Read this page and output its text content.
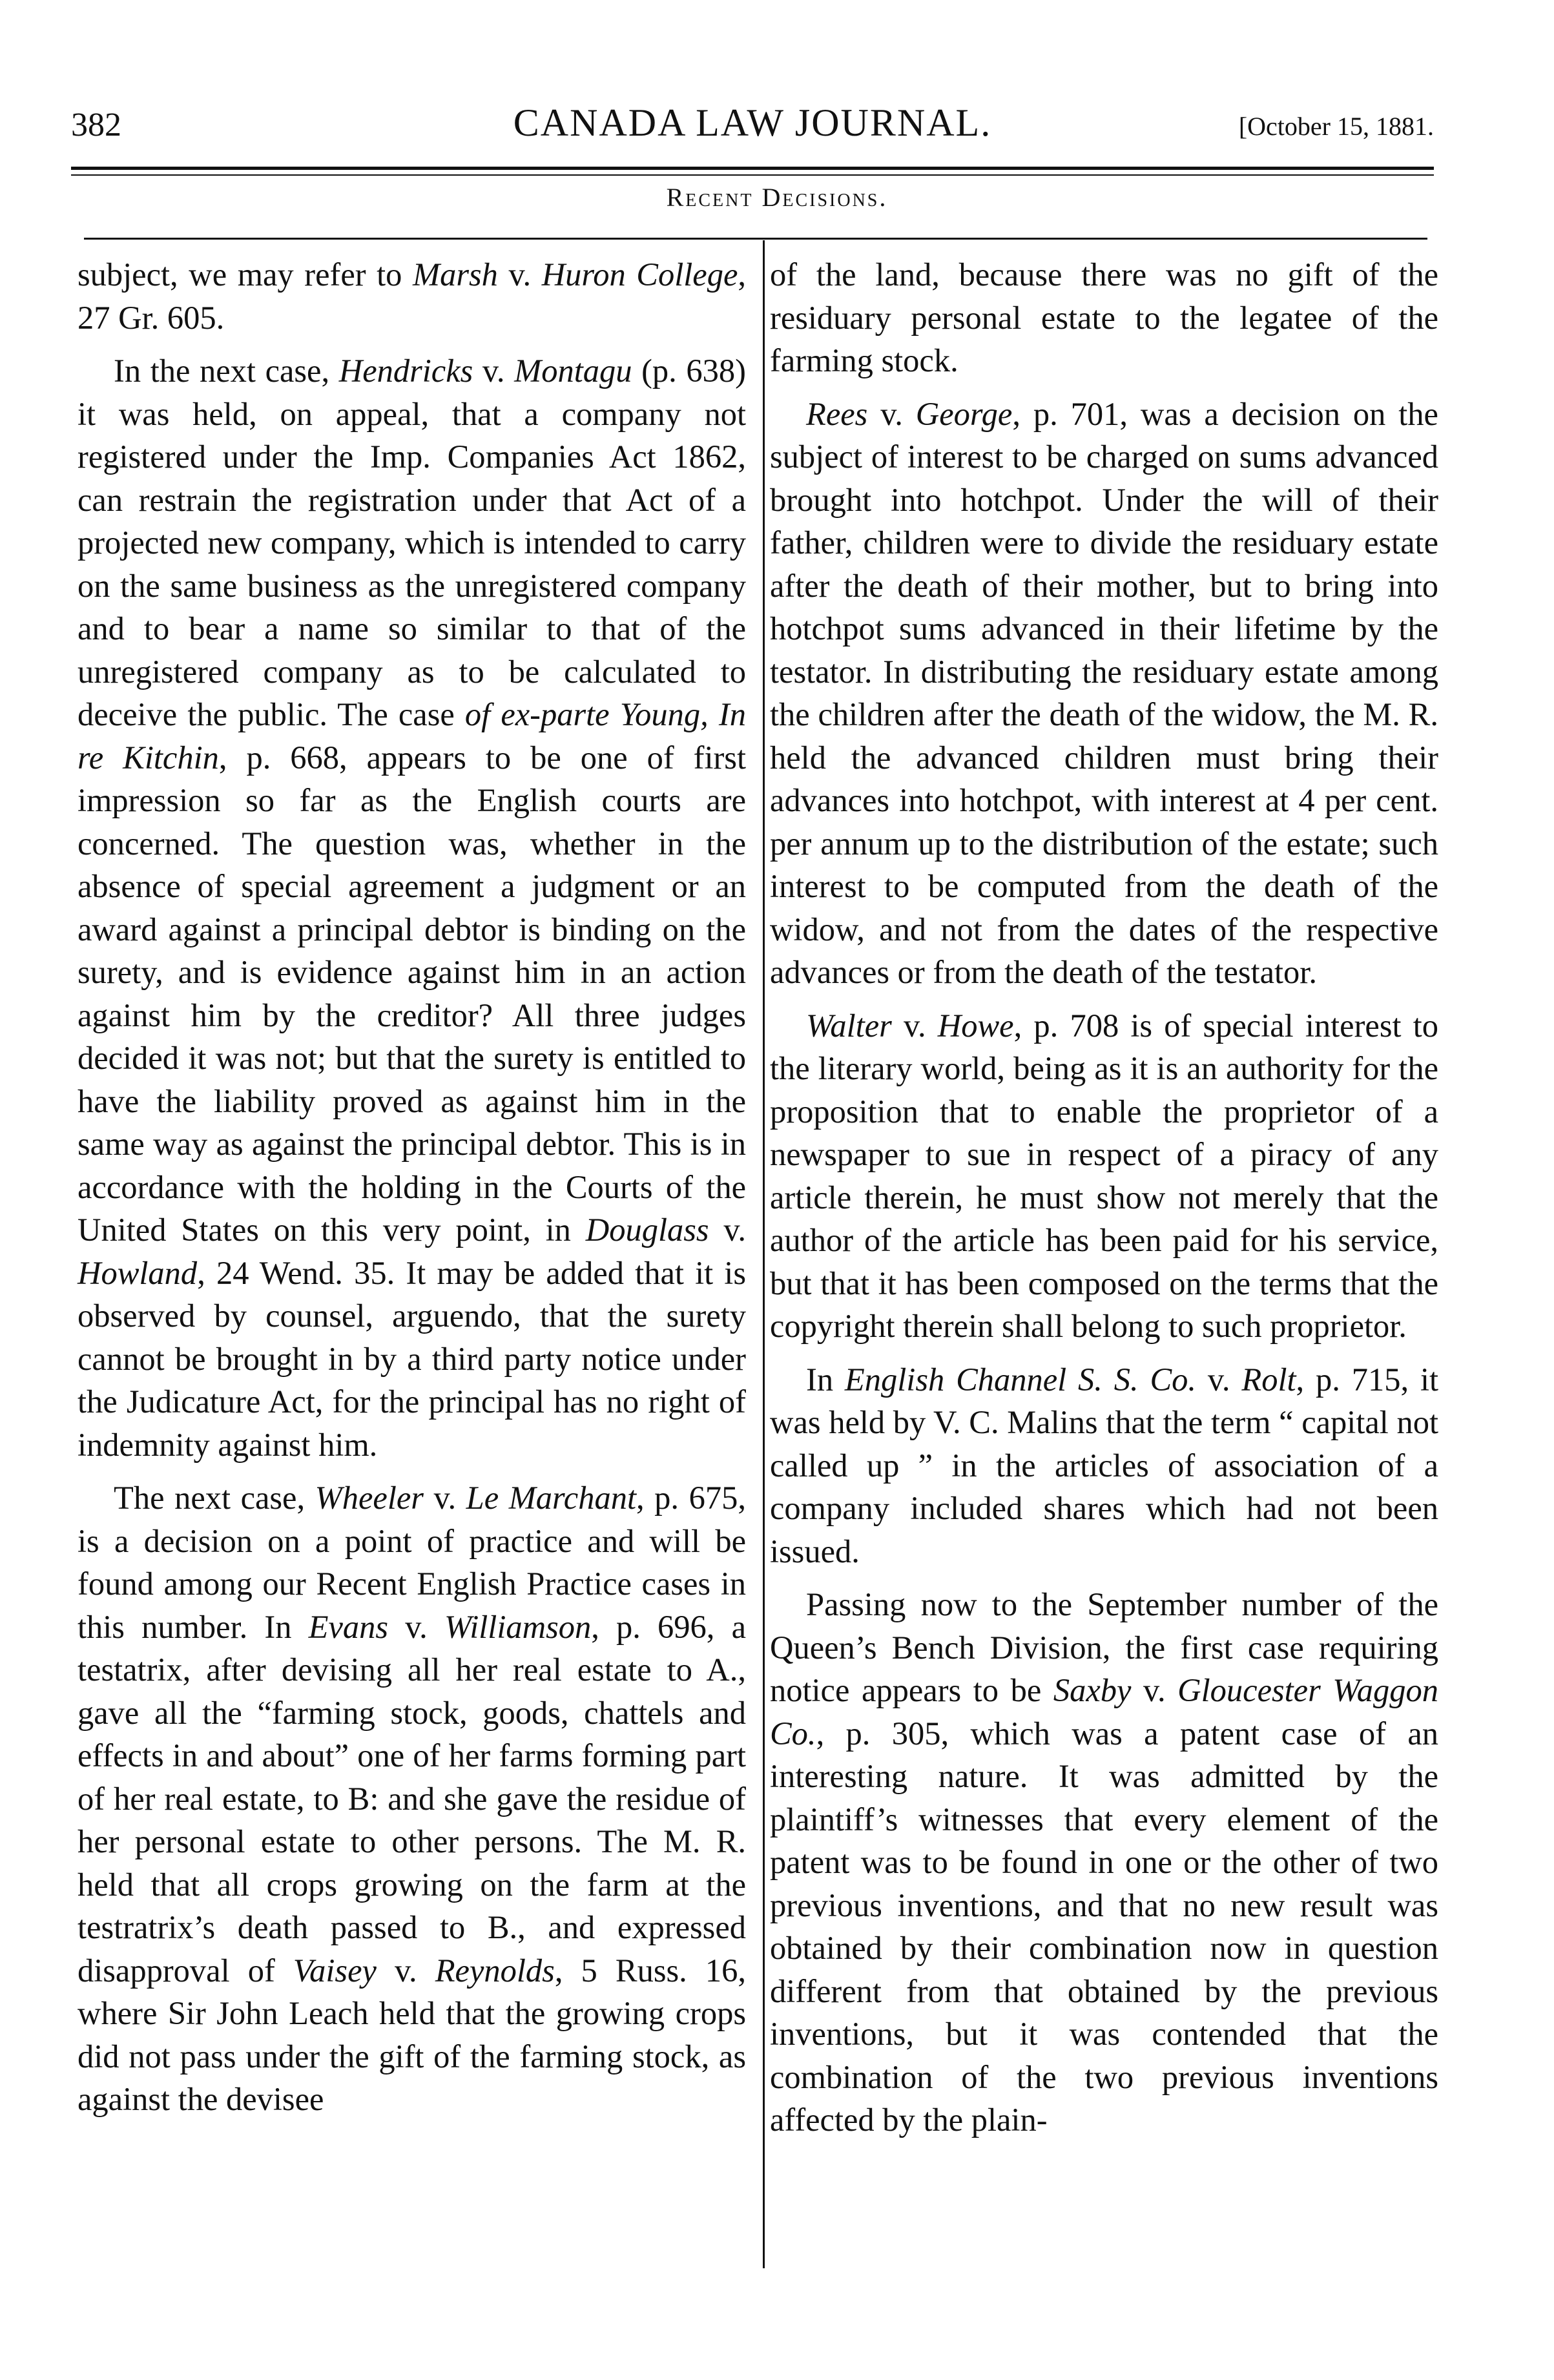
382	CANADA LAW JOURNAL.	[October 15, 1881.
Recent Decisions.

subject, we may refer to Marsh v. Huron College, 27 Gr. 605.

In the next case, Hendricks v. Montagu (p. 638) it was held, on appeal, that a company not registered under the Imp. Companies Act 1862, can restrain the registration under that Act of a projected new company, which is intended to carry on the same business as the unregistered company and to bear a name so similar to that of the unregistered company as to be calculated to deceive the public. The case of ex-parte Young, In re Kitchin, p. 668, appears to be one of first impression so far as the English courts are concerned. The question was, whether in the absence of special agreement a judgment or an award against a principal debtor is binding on the surety, and is evidence against him in an action against him by the creditor? All three judges decided it was not; but that the surety is entitled to have the liability proved as against him in the same way as against the principal debtor. This is in accordance with the holding in the Courts of the United States on this very point, in Douglass v. Howland, 24 Wend. 35. It may be added that it is observed by counsel, arguendo, that the surety cannot be brought in by a third party notice under the Judicature Act, for the principal has no right of indemnity against him.

The next case, Wheeler v. Le Marchant, p. 675, is a decision on a point of practice and will be found among our Recent English Practice cases in this number. In Evans v. Williamson, p. 696, a testatrix, after devising all her real estate to A., gave all the “farming stock, goods, chattels and effects in and about” one of her farms forming part of her real estate, to B: and she gave the residue of her personal estate to other persons. The M. R. held that all crops growing on the farm at the testratrix’s death passed to B., and expressed disapproval of Vaisey v. Reynolds, 5 Russ. 16, where Sir John Leach held that the growing crops did not pass under the gift of the farming stock, as against the devisee

of the land, because there was no gift of the residuary personal estate to the legatee of the farming stock.

Rees v. George, p. 701, was a decision on the subject of interest to be charged on sums advanced brought into hotchpot. Under the will of their father, children were to divide the residuary estate after the death of their mother, but to bring into hotchpot sums advanced in their lifetime by the testator. In distributing the residuary estate among the children after the death of the widow, the M. R. held the advanced children must bring their advances into hotchpot, with interest at 4 per cent. per annum up to the distribution of the estate; such interest to be computed from the death of the widow, and not from the dates of the respective advances or from the death of the testator.

Walter v. Howe, p. 708 is of special interest to the literary world, being as it is an authority for the proposition that to enable the proprietor of a newspaper to sue in respect of a piracy of any article therein, he must show not merely that the author of the article has been paid for his service, but that it has been composed on the terms that the copyright therein shall belong to such proprietor.

In English Channel S. S. Co. v. Rolt, p. 715, it was held by V. C. Malins that the term “ capital not called up ” in the articles of association of a company included shares which had not been issued.

Passing now to the September number of the Queen’s Bench Division, the first case requiring notice appears to be Saxby v. Gloucester Waggon Co., p. 305, which was a patent case of an interesting nature. It was admitted by the plaintiff’s witnesses that every element of the patent was to be found in one or the other of two previous inventions, and that no new result was obtained by their combination now in question different from that obtained by the previous inventions, but it was contended that the combination of the two previous inventions affected by the plain-
